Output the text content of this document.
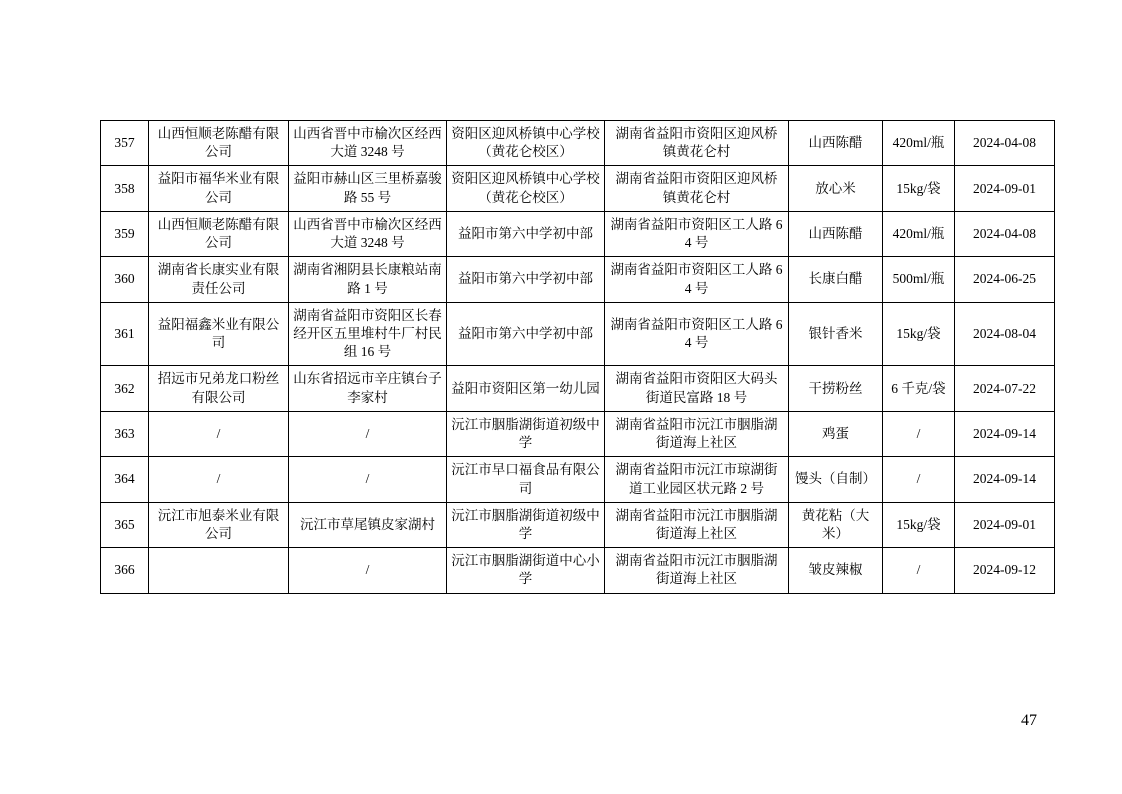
357	山西恒顺老陈醋有限公司	山西省晋中市榆次区经西大道 3248 号	资阳区迎风桥镇中心学校（黄花仑校区）	湖南省益阳市资阳区迎风桥镇黄花仑村	山西陈醋	420ml/瓶	2024-04-08
358	益阳市福华米业有限公司	益阳市赫山区三里桥嘉骏路 55 号	资阳区迎风桥镇中心学校（黄花仑校区）	湖南省益阳市资阳区迎风桥镇黄花仑村	放心米	15kg/袋	2024-09-01
359	山西恒顺老陈醋有限公司	山西省晋中市榆次区经西大道 3248 号	益阳市第六中学初中部	湖南省益阳市资阳区工人路 64 号	山西陈醋	420ml/瓶	2024-04-08
360	湖南省长康实业有限责任公司	湖南省湘阴县长康粮站南路 1 号	益阳市第六中学初中部	湖南省益阳市资阳区工人路 64 号	长康白醋	500ml/瓶	2024-06-25
361	益阳福鑫米业有限公司	湖南省益阳市资阳区长春经开区五里堆村牛厂村民组 16 号	益阳市第六中学初中部	湖南省益阳市资阳区工人路 64 号	银针香米	15kg/袋	2024-08-04
362	招远市兄弟龙口粉丝有限公司	山东省招远市辛庄镇台子李家村	益阳市资阳区第一幼儿园	湖南省益阳市资阳区大码头街道民富路 18 号	干捞粉丝	6 千克/袋	2024-07-22
363	/	/	沅江市胭脂湖街道初级中学	湖南省益阳市沅江市胭脂湖街道海上社区	鸡蛋	/	2024-09-14
364	/	/	沅江市早口福食品有限公司	湖南省益阳市沅江市琼湖街道工业园区状元路 2 号	馒头（自制）	/	2024-09-14
365	沅江市旭泰米业有限公司	沅江市草尾镇皮家湖村	沅江市胭脂湖街道初级中学	湖南省益阳市沅江市胭脂湖街道海上社区	黄花粘（大米）	15kg/袋	2024-09-01
366		/	沅江市胭脂湖街道中心小学	湖南省益阳市沅江市胭脂湖街道海上社区	皱皮辣椒	/	2024-09-12
47
